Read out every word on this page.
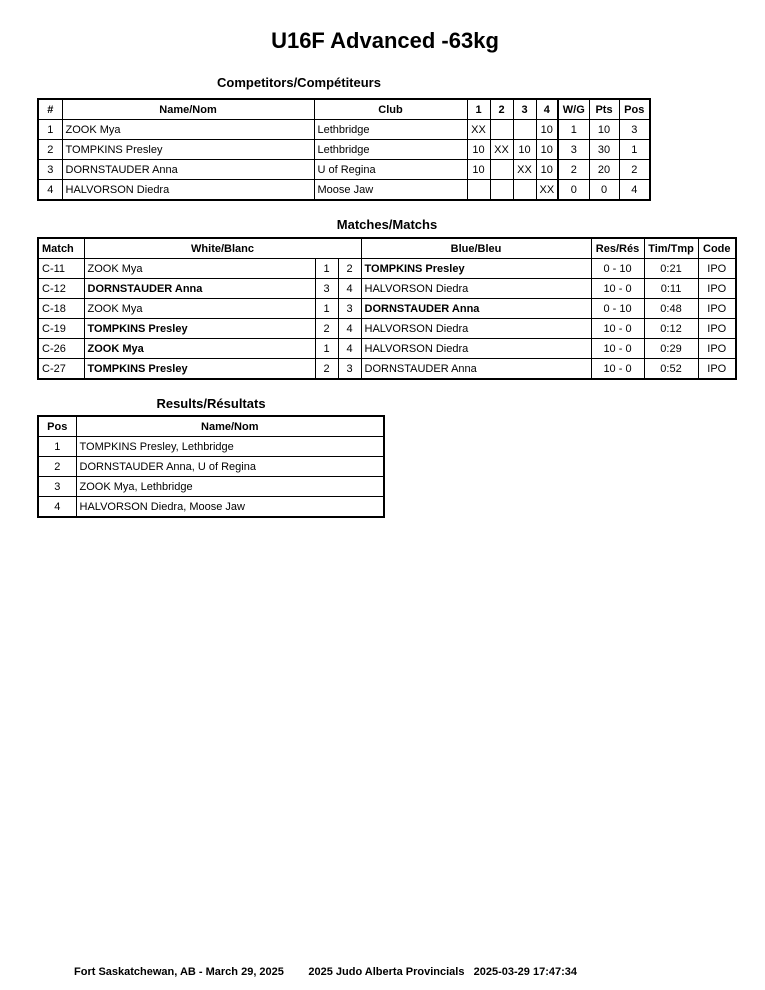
U16F Advanced -63kg
Competitors/Compétiteurs
#	Name/Nom	Club	1	2	3	4	W/G	Pts	Pos
1	ZOOK Mya	Lethbridge	XX			10	1	10	3
2	TOMPKINS Presley	Lethbridge	10	XX	10	10	3	30	1
3	DORNSTAUDER Anna	U of Regina	10		XX	10	2	20	2
4	HALVORSON Diedra	Moose Jaw				XX	0	0	4
Matches/Matchs
Match	White/Blanc			Blue/Bleu	Res/Rés	Tim/Tmp	Code
C-11	ZOOK Mya	1	2	TOMPKINS Presley	0 - 10	0:21	IPO
C-12	DORNSTAUDER Anna	3	4	HALVORSON Diedra	10 - 0	0:11	IPO
C-18	ZOOK Mya	1	3	DORNSTAUDER Anna	0 - 10	0:48	IPO
C-19	TOMPKINS Presley	2	4	HALVORSON Diedra	10 - 0	0:12	IPO
C-26	ZOOK Mya	1	4	HALVORSON Diedra	10 - 0	0:29	IPO
C-27	TOMPKINS Presley	2	3	DORNSTAUDER Anna	10 - 0	0:52	IPO
Results/Résultats
Pos	Name/Nom
1	TOMPKINS Presley, Lethbridge
2	DORNSTAUDER Anna, U of Regina
3	ZOOK Mya, Lethbridge
4	HALVORSON Diedra, Moose Jaw
Fort Saskatchewan, AB - March 29, 2025 2025 Judo Alberta Provincials 2025-03-29 17:47:34
